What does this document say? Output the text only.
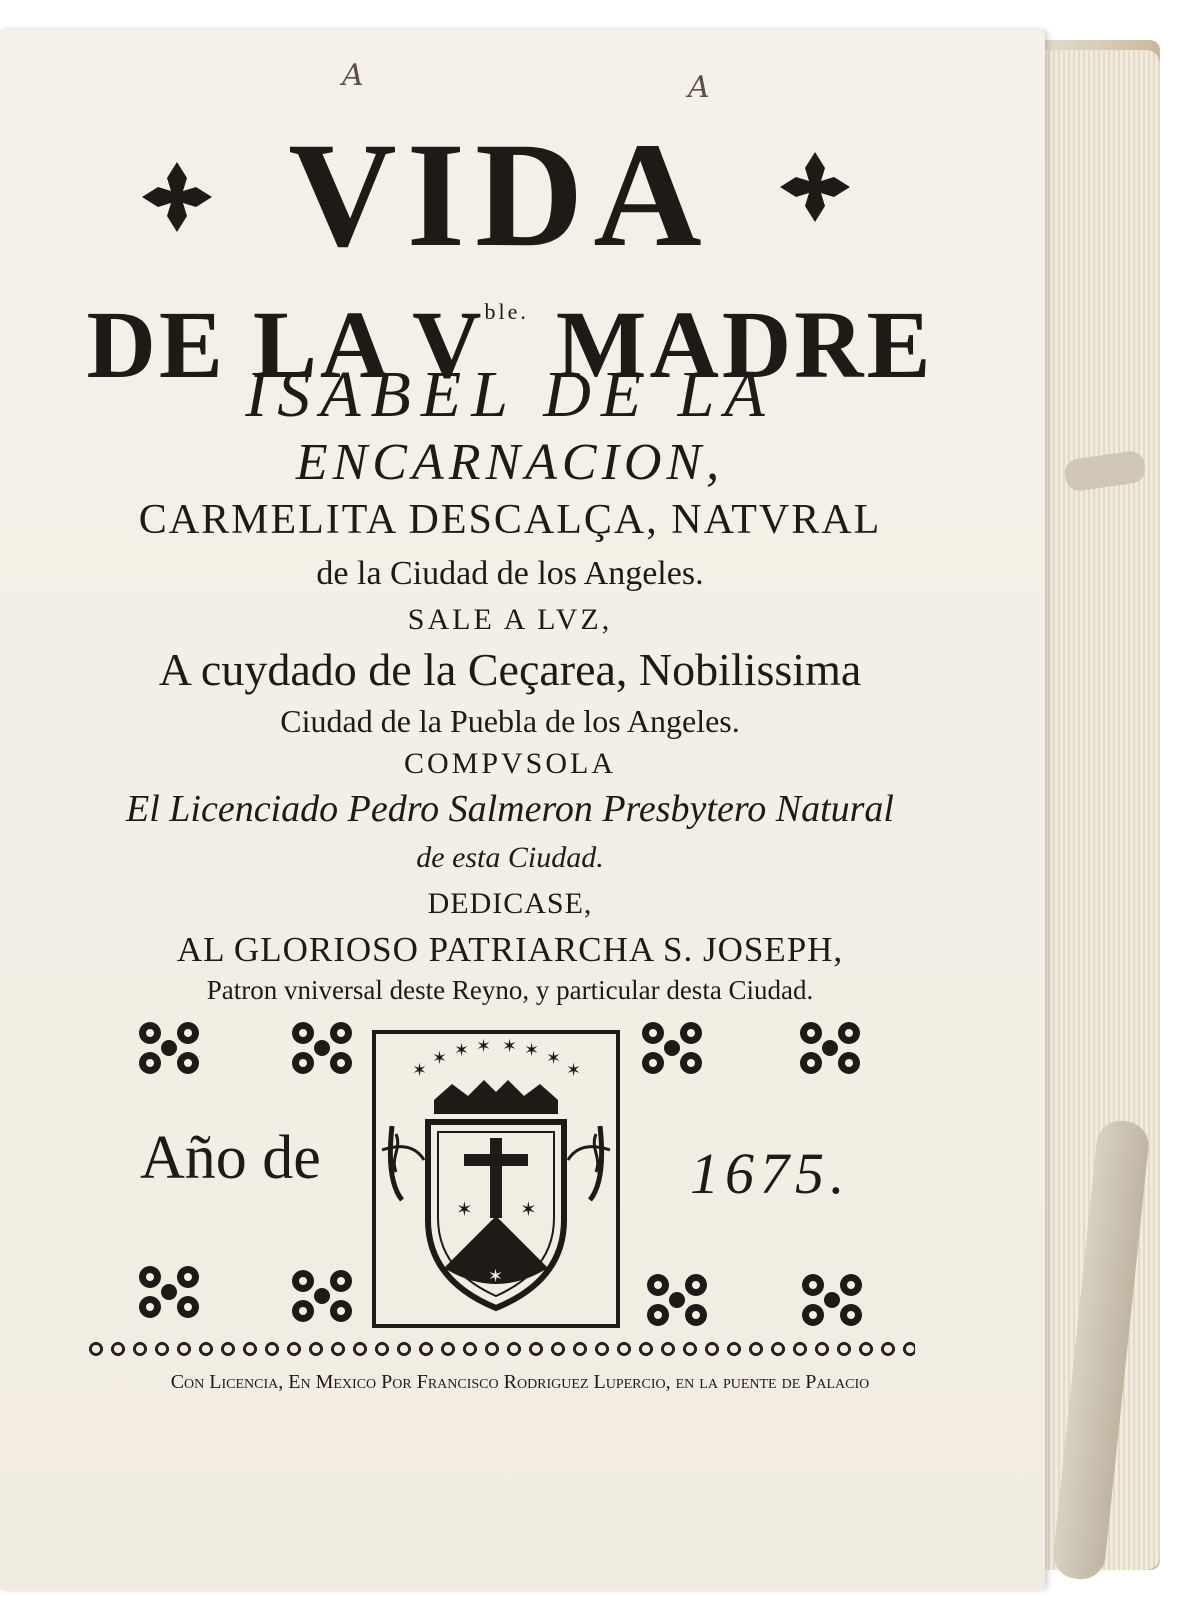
A	A
VIDA
DE LA $V^{ble.}$ MADRE
ISABEL DE LA
ENCARNACION,
CARMELITA DESCALÇA, NATVRAL
de la Ciudad de los Angeles.
SALE A LVZ,
A cuydado de la Ceçarea, Nobilissima
Ciudad de la Puebla de los Angeles.
COMPVSOLA
El Licenciado Pedro Salmeron Presbytero Natural
de esta Ciudad.
DEDICASE,
AL GLORIOSO PATRIARCHA S. JOSEPH,
Patron vniversal deste Reyno, y particular desta Ciudad.
✶ ✶ ✶ ✶ ✶ ✶
✶	✶
✶ ✶
✶
Año de	1675.
Con Licencia, En Mexico Por Francisco Rodriguez Lupercio, en la puente de Palacio
